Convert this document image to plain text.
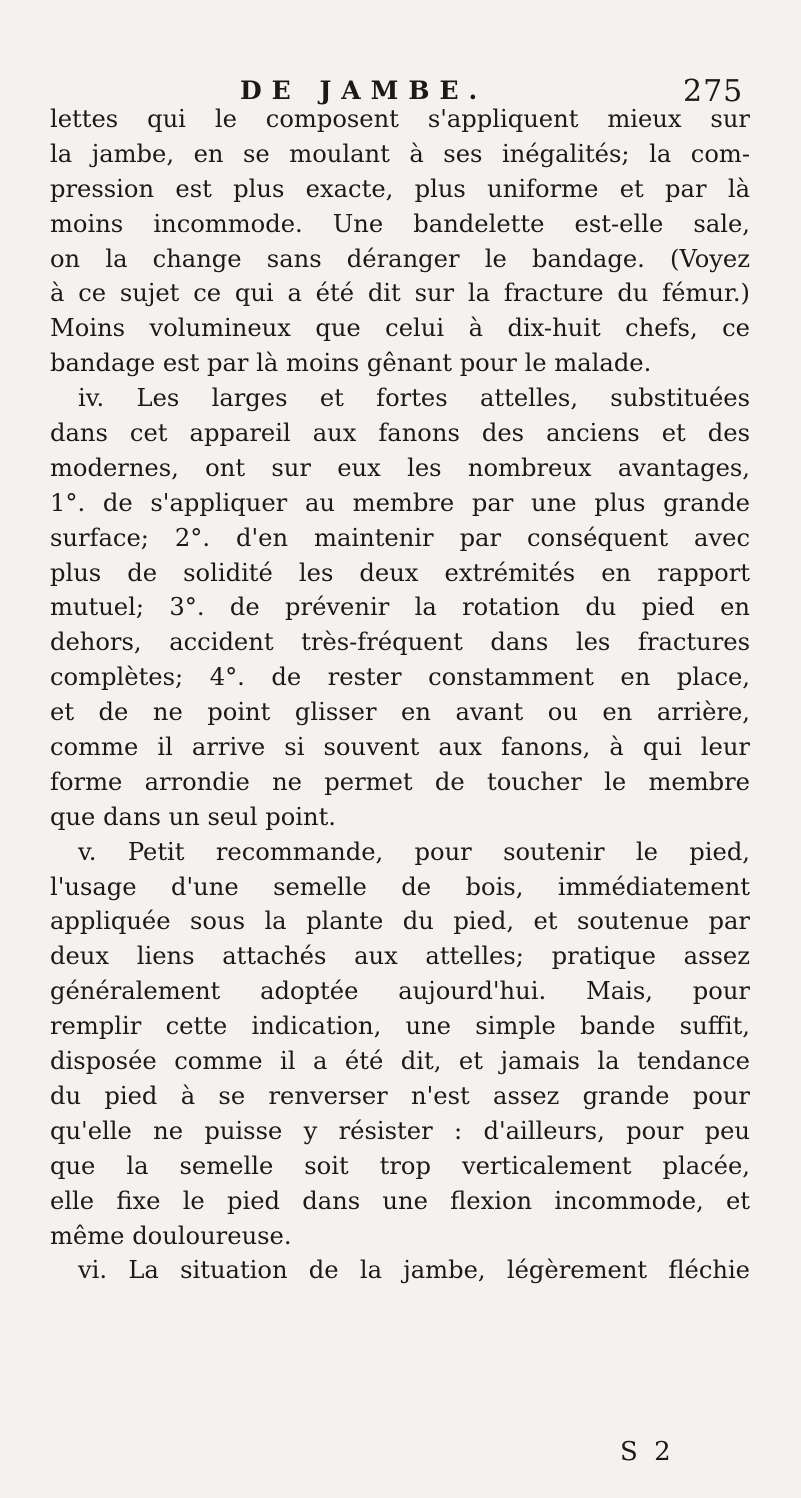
DE JAMBE.	275
lettes qui le composent s'appliquent mieux sur
la jambe, en se moulant à ses inégalités; la com-
pression est plus exacte, plus uniforme et par là
moins incommode. Une bandelette est-elle sale,
on la change sans déranger le bandage. (Voyez
à ce sujet ce qui a été dit sur la fracture du fémur.)
Moins volumineux que celui à dix-huit chefs, ce
bandage est par là moins gênant pour le malade.
iv. Les larges et fortes attelles, substituées
dans cet appareil aux fanons des anciens et des
modernes, ont sur eux les nombreux avantages,
1°. de s'appliquer au membre par une plus grande
surface; 2°. d'en maintenir par conséquent avec
plus de solidité les deux extrémités en rapport
mutuel; 3°. de prévenir la rotation du pied en
dehors, accident très-fréquent dans les fractures
complètes; 4°. de rester constamment en place,
et de ne point glisser en avant ou en arrière,
comme il arrive si souvent aux fanons, à qui leur
forme arrondie ne permet de toucher le membre
que dans un seul point.
v. Petit recommande, pour soutenir le pied,
l'usage d'une semelle de bois, immédiatement
appliquée sous la plante du pied, et soutenue par
deux liens attachés aux attelles; pratique assez
généralement adoptée aujourd'hui. Mais, pour
remplir cette indication, une simple bande suffit,
disposée comme il a été dit, et jamais la tendance
du pied à se renverser n'est assez grande pour
qu'elle ne puisse y résister : d'ailleurs, pour peu
que la semelle soit trop verticalement placée,
elle fixe le pied dans une flexion incommode, et
même douloureuse.
vi. La situation de la jambe, légèrement fléchie
S 2
